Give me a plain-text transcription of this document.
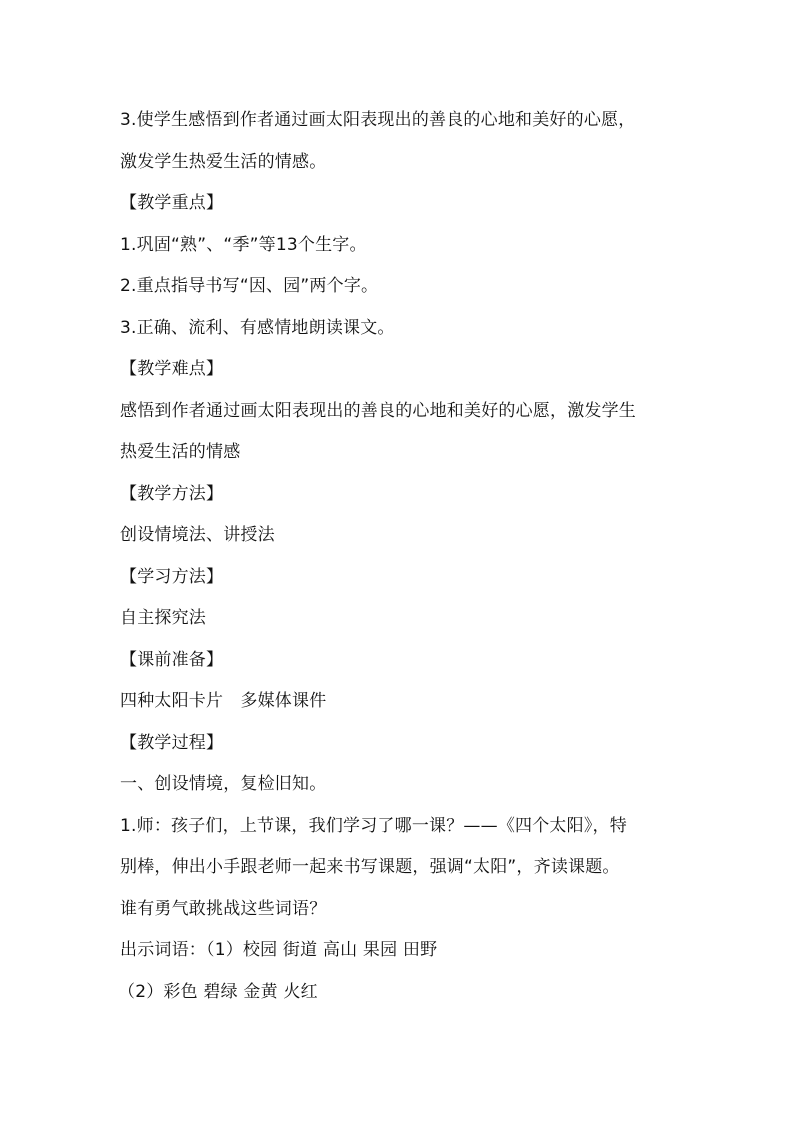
3.使学生感悟到作者通过画太阳表现出的善良的心地和美好的心愿，
激发学生热爱生活的情感。
【教学重点】
1.巩固“熟”、“季”等13个生字。
2.重点指导书写“因、园”两个字。
3.正确、流利、有感情地朗读课文。
【教学难点】
感悟到作者通过画太阳表现出的善良的心地和美好的心愿，激发学生
热爱生活的情感
【教学方法】
创设情境法、讲授法
【学习方法】
自主探究法
【课前准备】
四种太阳卡片　多媒体课件
【教学过程】
一、创设情境，复检旧知。
1.师：孩子们，上节课，我们学习了哪一课？——《四个太阳》，特
别棒，伸出小手跟老师一起来书写课题，强调“太阳”，齐读课题。
谁有勇气敢挑战这些词语？
出示词语：（1）校园 街道 高山 果园 田野
（2）彩色 碧绿 金黄 火红
